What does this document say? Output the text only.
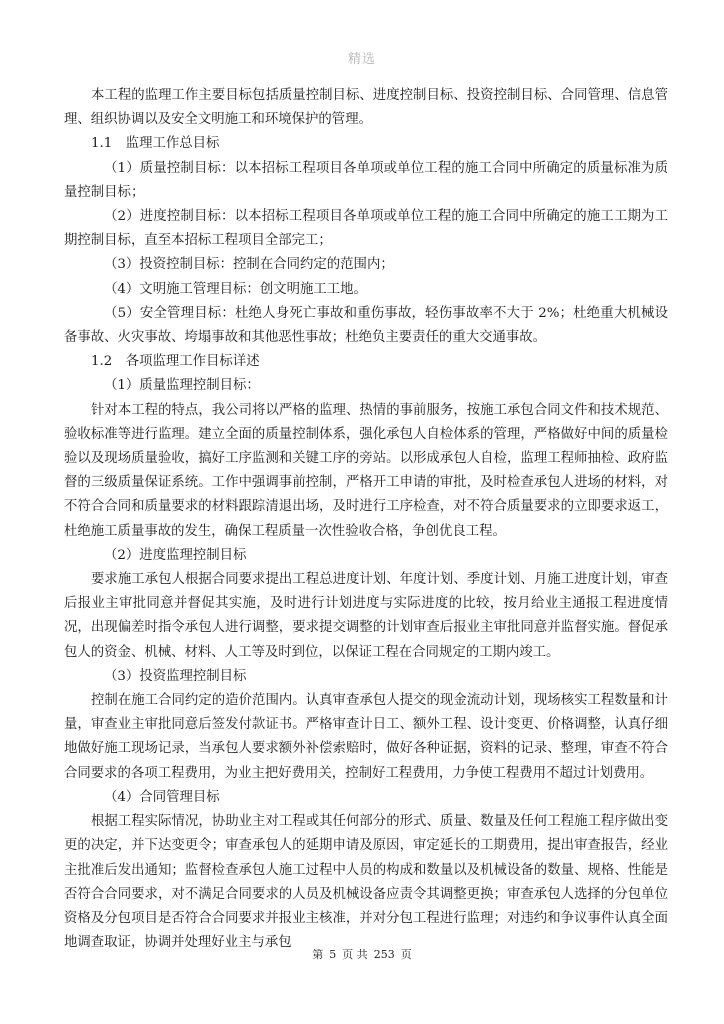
精选

本工程的监理工作主要目标包括质量控制目标、进度控制目标、投资控制目标、合同管理、信息管理、组织协调以及安全文明施工和环境保护的管理。

1.1　监理工作总目标

（1）质量控制目标：以本招标工程项目各单项或单位工程的施工合同中所确定的质量标准为质量控制目标；

（2）进度控制目标：以本招标工程项目各单项或单位工程的施工合同中所确定的施工工期为工期控制目标，直至本招标工程项目全部完工；

（3）投资控制目标：控制在合同约定的范围内；

（4）文明施工管理目标：创文明施工工地。

（5）安全管理目标：杜绝人身死亡事故和重伤事故，轻伤事故率不大于 2%；杜绝重大机械设备事故、火灾事故、垮塌事故和其他恶性事故；杜绝负主要责任的重大交通事故。

1.2　各项监理工作目标详述

（1）质量监理控制目标：

针对本工程的特点，我公司将以严格的监理、热情的事前服务，按施工承包合同文件和技术规范、验收标准等进行监理。建立全面的质量控制体系，强化承包人自检体系的管理，严格做好中间的质量检验以及现场质量验收，搞好工序监测和关键工序的旁站。以形成承包人自检，监理工程师抽检、政府监督的三级质量保证系统。工作中强调事前控制，严格开工申请的审批，及时检查承包人进场的材料，对不符合合同和质量要求的材料跟踪清退出场，及时进行工序检查，对不符合质量要求的立即要求返工，杜绝施工质量事故的发生，确保工程质量一次性验收合格，争创优良工程。

（2）进度监理控制目标

要求施工承包人根据合同要求提出工程总进度计划、年度计划、季度计划、月施工进度计划，审查后报业主审批同意并督促其实施，及时进行计划进度与实际进度的比较，按月给业主通报工程进度情况，出现偏差时指令承包人进行调整，要求提交调整的计划审查后报业主审批同意并监督实施。督促承包人的资金、机械、材料、人工等及时到位，以保证工程在合同规定的工期内竣工。

（3）投资监理控制目标

控制在施工合同约定的造价范围内。认真审查承包人提交的现金流动计划，现场核实工程数量和计量，审查业主审批同意后签发付款证书。严格审查计日工、额外工程、设计变更、价格调整，认真仔细地做好施工现场记录，当承包人要求额外补偿索赔时，做好各种证据，资料的记录、整理，审查不符合合同要求的各项工程费用，为业主把好费用关，控制好工程费用，力争使工程费用不超过计划费用。

（4）合同管理目标

根据工程实际情况，协助业主对工程或其任何部分的形式、质量、数量及任何工程施工程序做出变更的决定，并下达变更令；审查承包人的延期申请及原因，审定延长的工期费用，提出审查报告，经业主批准后发出通知；监督检查承包人施工过程中人员的构成和数量以及机械设备的数量、规格、性能是否符合合同要求，对不满足合同要求的人员及机械设备应责令其调整更换；审查承包人选择的分包单位资格及分包项目是否符合合同要求并报业主核准，并对分包工程进行监理；对违约和争议事件认真全面地调查取证，协调并处理好业主与承包

第 5 页 共 253 页
